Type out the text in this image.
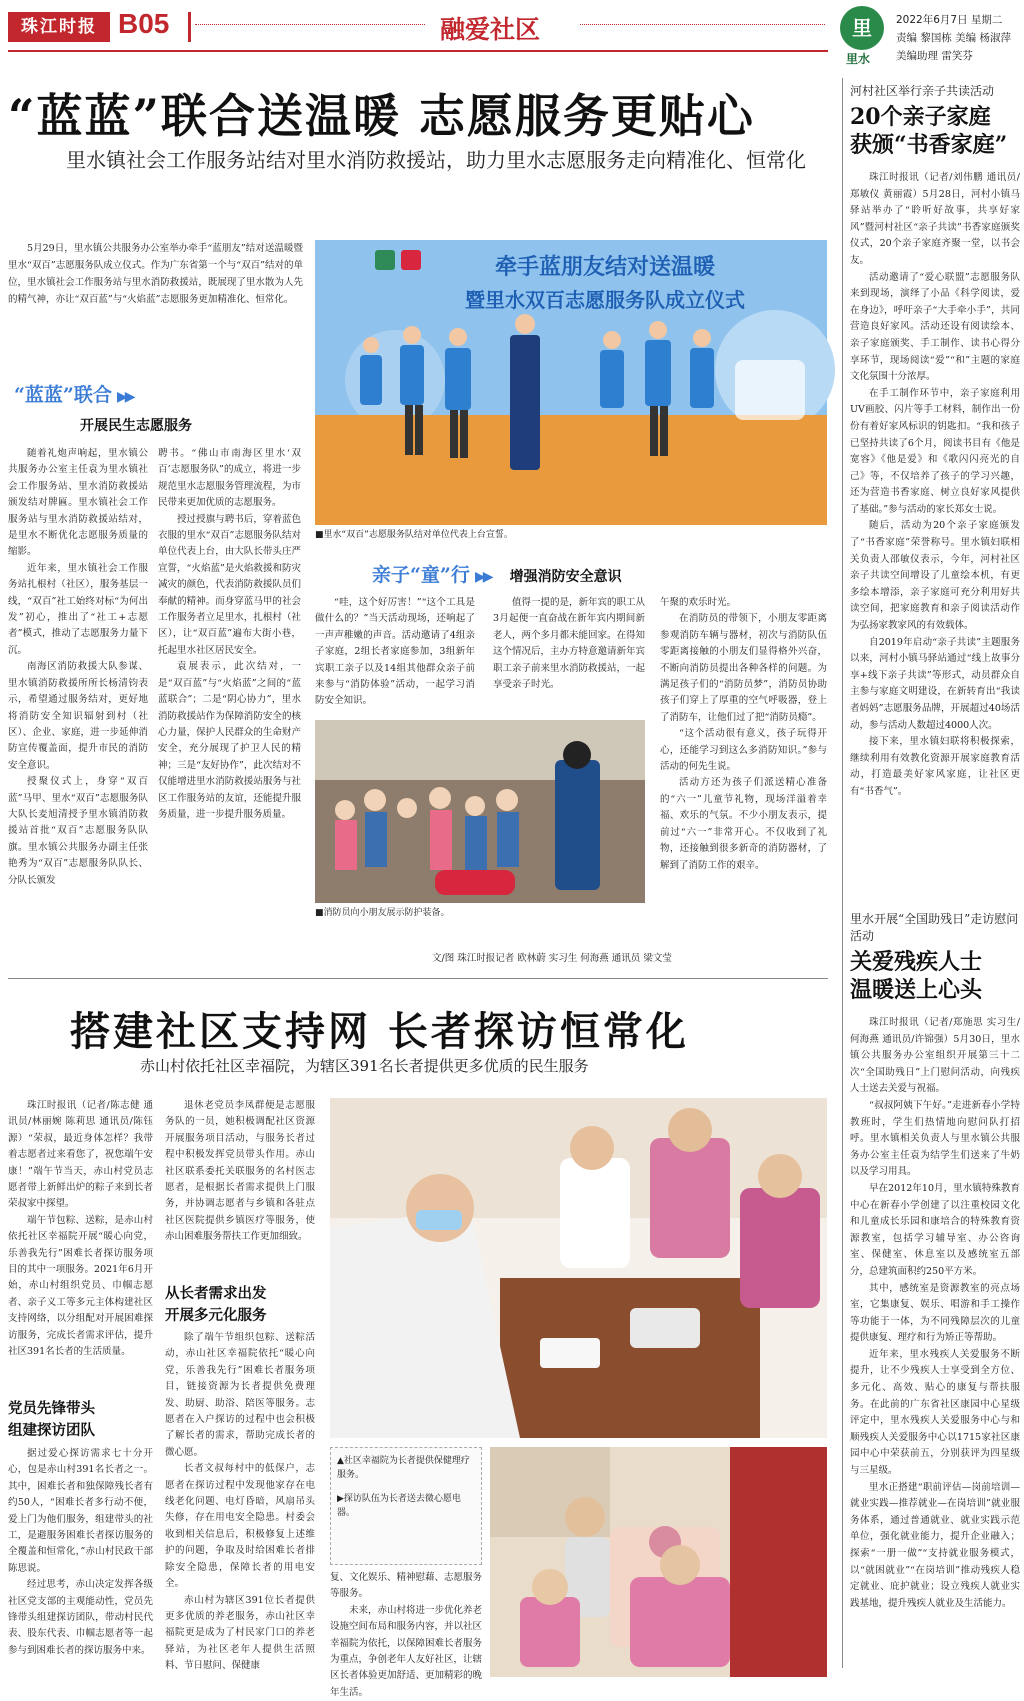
珠江时报 B05	融爱社区	里
里水
2022年6月7日 星期二
责编 黎国栋 美编 杨淑萍
美编助理 雷笑芬
“蓝蓝”联合送温暖 志愿服务更贴心
里水镇社会工作服务站结对里水消防救援站，助力里水志愿服务走向精准化、恒常化

5月29日，里水镇公共服务办公室举办牵手“蓝朋友”结对送温暖暨里水“双百”志愿服务队成立仪式。作为广东省第一个与“双百”结对的单位，里水镇社会工作服务站与里水消防救援站，既展现了里水散为人先的精气神，亦让“双百蓝”与“火焰蓝”志愿服务更加精准化、恒常化。

“蓝蓝”联合 ▶▶
开展民生志愿服务

随着礼炮声响起，里水镇公共服务办公室主任袁为里水镇社会工作服务站、里水消防救援站颁发结对牌匾。里水镇社会工作服务站与里水消防救援站结对，是里水不断优化志愿服务质量的缩影。

近年来，里水镇社会工作服务站扎根村（社区），服务基层一线，“双百”社工始终对标“为何出发”初心，推出了“社工+志愿者”模式，推动了志愿服务力量下沉。

南海区消防救援大队参谋、里水镇消防救援所所长杨清钧表示，希望通过服务结对，更好地将消防安全知识辐射到村（社区）、企业、家庭，进一步延伸消防宣传覆盖面，提升市民的消防安全意识。

授聚仪式上，身穿“双百蓝”马甲、里水“双百”志愿服务队大队长麦旭清授予里水镇消防救援站首批“双百”志愿服务队队旗。里水镇公共服务办副主任张艳秀为“双百”志愿服务队队长、分队长颁发

聘书。“佛山市南海区里水‘双百’志愿服务队”的成立，将进一步规范里水志愿服务管理流程，为市民带来更加优质的志愿服务。

授过授旗与聘书后，穿着蓝色衣服的里水“双百”志愿服务队结对单位代表上台，由大队长带头庄严宣誓，“火焰蓝”是火焰救援和防灾减灾的颜色，代表消防救援队员们奉献的精神。而身穿蓝马甲的社会工作服务者立足里水，扎根村（社区），让“双百蓝”遍布大街小巷，托起里水社区居民安全。

袁展表示，此次结对，一是“双百蓝”与“火焰蓝”之间的“蓝蓝联合”；二是“阴心协力”，里水消防救援站作为保障消防安全的核心力量，保护人民群众的生命财产安全，充分展现了护卫人民的精神；三是“友好协作”，此次结对不仅能增进里水消防救援站服务与社区工作服务站的友谊，还能提升服务质量，进一步提升服务质量。

牵手蓝朋友结对送温暖
暨里水双百志愿服务队成立仪式
■里水“双百”志愿服务队结对单位代表上台宣誓。
亲子“童”行 ▶▶ 增强消防安全意识

“哇，这个好厉害！”“这个工具是做什么的？”当天活动现场，还响起了一声声稚嫩的声音。活动邀请了4组亲子家庭，2组长者家庭参加，3组新年宾职工亲子以及14组其他群众亲子前来参与“消防体验”活动，一起学习消防安全知识。

值得一提的是，新年宾的职工从3月起便一直奋战在新年宾内期间新老人，两个多月都未能回家。在得知这个情况后，主办方特意邀请新年宾职工亲子前来里水消防救援站，一起享受亲子时光。

■消防员向小朋友展示防护装备。

午聚的欢乐时光。

在消防员的带领下，小朋友零距离参观消防车辆与器材，初次与消防队伍零距离接触的小朋友们显得格外兴奋，不断向消防员提出各种各样的问题。为满足孩子们的“消防员梦”，消防员协助孩子们穿上了厚重的空气呼吸器，登上了消防车，让他们过了把“消防员瘾”。

“这个活动很有意义，孩子玩得开心，还能学习到这么多消防知识。”参与活动的何先生说。

活动方还为孩子们派送精心准备的“六一”儿童节礼物，现场洋溢着幸福、欢乐的气氛。不少小朋友表示，提前过“六一”非常开心。不仅收到了礼物，还接触到很多新奇的消防器材，了解到了消防工作的艰辛。

文/图 珠江时报记者 欧林蔚 实习生 何海燕 通讯员 梁文莹
搭建社区支持网 长者探访恒常化
赤山村依托社区幸福院，为辖区391名长者提供更多优质的民生服务

珠江时报讯（记者/陈志健 通讯员/林丽婉 陈莉思 通讯员/陈钰源）“荣叔，最近身体怎样？我带着志愿者过来看您了，祝您端午安康！”端午节当天，赤山村党员志愿者带上新鲜出炉的粽子来到长者荣叔家中探望。

端午节包粽、送粽，是赤山村依托社区幸福院开展“暖心向党，乐善我先行”困难长者探访服务项目的其中一项服务。2021年6月开始，赤山村组织党员、巾帼志愿者、亲子义工等多元主体构建社区支持网络，以分组配对开展困难探访服务，完成长者需求评估，提升社区391名长者的生活质量。

党员先锋带头
组建探访团队

据过爱心探访需求七十分开心，包是赤山村391名长者之一。其中，困难长者和独保障残长者有约50人，“困难长者多行动不便，爱上门为他们服务，组建带头的社工，是避服务困难长者探访服务的全覆盖和恒常化，”赤山村民政干部陈思说。

经过思考，赤山决定发挥各级社区党支部的主观能动性，党员先锋带头组建探访团队，带动村民代表、股东代表、巾帼志愿者等一起参与到困难长者的探访服务中来。

退休老党员李凤群便是志愿服务队的一员，她积极调配社区资源开展服务项目活动，与服务长者过程中积极发挥党员带头作用。赤山社区联系委托关联服务的名村医志愿者，是根据长者需求提供上门服务，并协调志愿者与乡镇和各驻点社区医院提供乡镇医疗等服务，使赤山困难服务帮扶工作更加细致。

从长者需求出发
开展多元化服务

除了端午节组织包粽、送粽活动，赤山社区幸福院依托“暖心向党，乐善我先行”困难长者服务项目，链接资源为长者提供免费理发、助厨、助浴、陪医等服务。志愿者在入户探访的过程中也会积极了解长者的需求，帮助完成长者的微心愿。

长者文叔每村中的低保户，志愿者在探访过程中发现他家存在电线老化问题、电灯昏暗，风扇吊头失修，存在用电安全隐患。村委会收到相关信息后，积极修复上述维护的问题，争取及时给困难长者排除安全隐患，保障长者的用电安全。

赤山村为辖区391位长者提供更多优质的养老服务，赤山社区幸福院更是成为了村民家门口的养老驿站，为社区老年人提供生活照料、节日慰问、保健康

▲社区幸福院为长者提供保健理疗服务。
▶探访队伍为长者送去微心愿电器。

复、文化娱乐、精神慰藉、志愿服务等服务。

未来，赤山村将进一步优化养老设施空间布局和服务内容，并以社区幸福院为依托，以保障困难长者服务为重点，争创老年人友好社区，让辖区长者体验更加舒适、更加精彩的晚年生活。

河村社区举行亲子共读活动
20个亲子家庭
获颁“书香家庭”

珠江时报讯（记者/刘伟鹏 通讯员/郑敏仪 黄丽霞）5月28日，河村小镇马驿站举办了“聆听好故事，共享好家风”暨河村社区“亲子共读”书香家庭颁奖仪式，20个亲子家庭齐聚一堂，以书会友。

活动邀请了“爱心联盟”志愿服务队来到现场，演绎了小品《科学阅读，爱在身边》，呼吁亲子“大手牵小手”，共同营造良好家风。活动还设有阅读绘本、亲子家庭颁奖、手工制作、读书心得分享环节，现场阅读“爱”“和”主题的家庭文化氛围十分浓厚。

在手工制作环节中，亲子家庭利用UV画胶、闪片等手工材料，制作出一份份有着好家风标识的钥匙扣。“我和孩子已坚持共读了6个月，阅读书目有《他是宽容》《他是爱》和《歌闪闪亮光的自己》等，不仅培养了孩子的学习兴趣，还为营造书香家庭、树立良好家风提供了基础。”参与活动的家长郑女士说。

随后，活动为20个亲子家庭颁发了“书香家庭”荣誉称号。里水镇妇联相关负责人邵敏仪表示，今年，河村社区亲子共读空间增设了儿童绘本机，有更多绘本增添，亲子家庭可充分利用好共读空间，把家庭教育和亲子阅读活动作为弘扬家教家风的有效载体。

自2019年启动“亲子共读”主题服务以来，河村小镇马驿站通过“线上故事分享+线下亲子共读”等形式，动员群众自主参与家庭文明建设，在新转育出“我读者妈妈”志愿服务品牌，开展超过40场活动，参与活动人数超过4000人次。

接下来，里水镇妇联将积极探索，继续利用有效教化资源开展家庭教育活动，打造最美好家风家庭，让社区更有“书香气”。

里水开展“全国助残日”走访慰问活动
关爱残疾人士
温暖送上心头

珠江时报讯（记者/郑施思 实习生/何海燕 通讯员/许锦强）5月30日，里水镇公共服务办公室组织开展第三十二次“全国助残日”上门慰问活动，向残疾人士送去关爱与祝福。

“叔叔阿姨下午好。”走进新春小学特教班时，学生们热情地向慰问队打招呼。里水镇相关负责人与里水镇公共服务办公室主任袁为结学生们送来了牛奶以及学习用具。

早在2012年10月，里水镇特殊教育中心在新春小学创建了以注重校园文化和儿童成长乐园和康培合的特殊教育资源教室，包括学习辅导室、办公咨询室、保健室、休息室以及感统室五部分，总建筑面积约250平方米。

其中，感统室是资源教室的亮点场室，它集康复、娱乐、唱游和手工操作等功能于一体，为不同残障层次的儿童提供康复、理疗和行为矫正等帮助。

近年来，里水残疾人关爱服务不断提升，让不少残疾人士享受到全方位、多元化、高效、贴心的康复与帮扶服务。在此前的广东省社区康园中心星级评定中，里水残疾人关爱服务中心与和顺残疾人关爱服务中心以1715家社区康园中心中荣获前五，分别获评为四星级与三星级。

里水正搭建“职前评估—岗前培训—就业实践—推荐就业—在岗培训”就业服务体系，通过普通就业、就业实践示范单位，强化就业能力，提升企业融入；探索“一册一做”“支持就业服务模式，以“就困就业”“在岗培训”推动残疾人稳定就业、庇护就业；设立残疾人就业实践基地，提升残疾人就业及生活能力。
